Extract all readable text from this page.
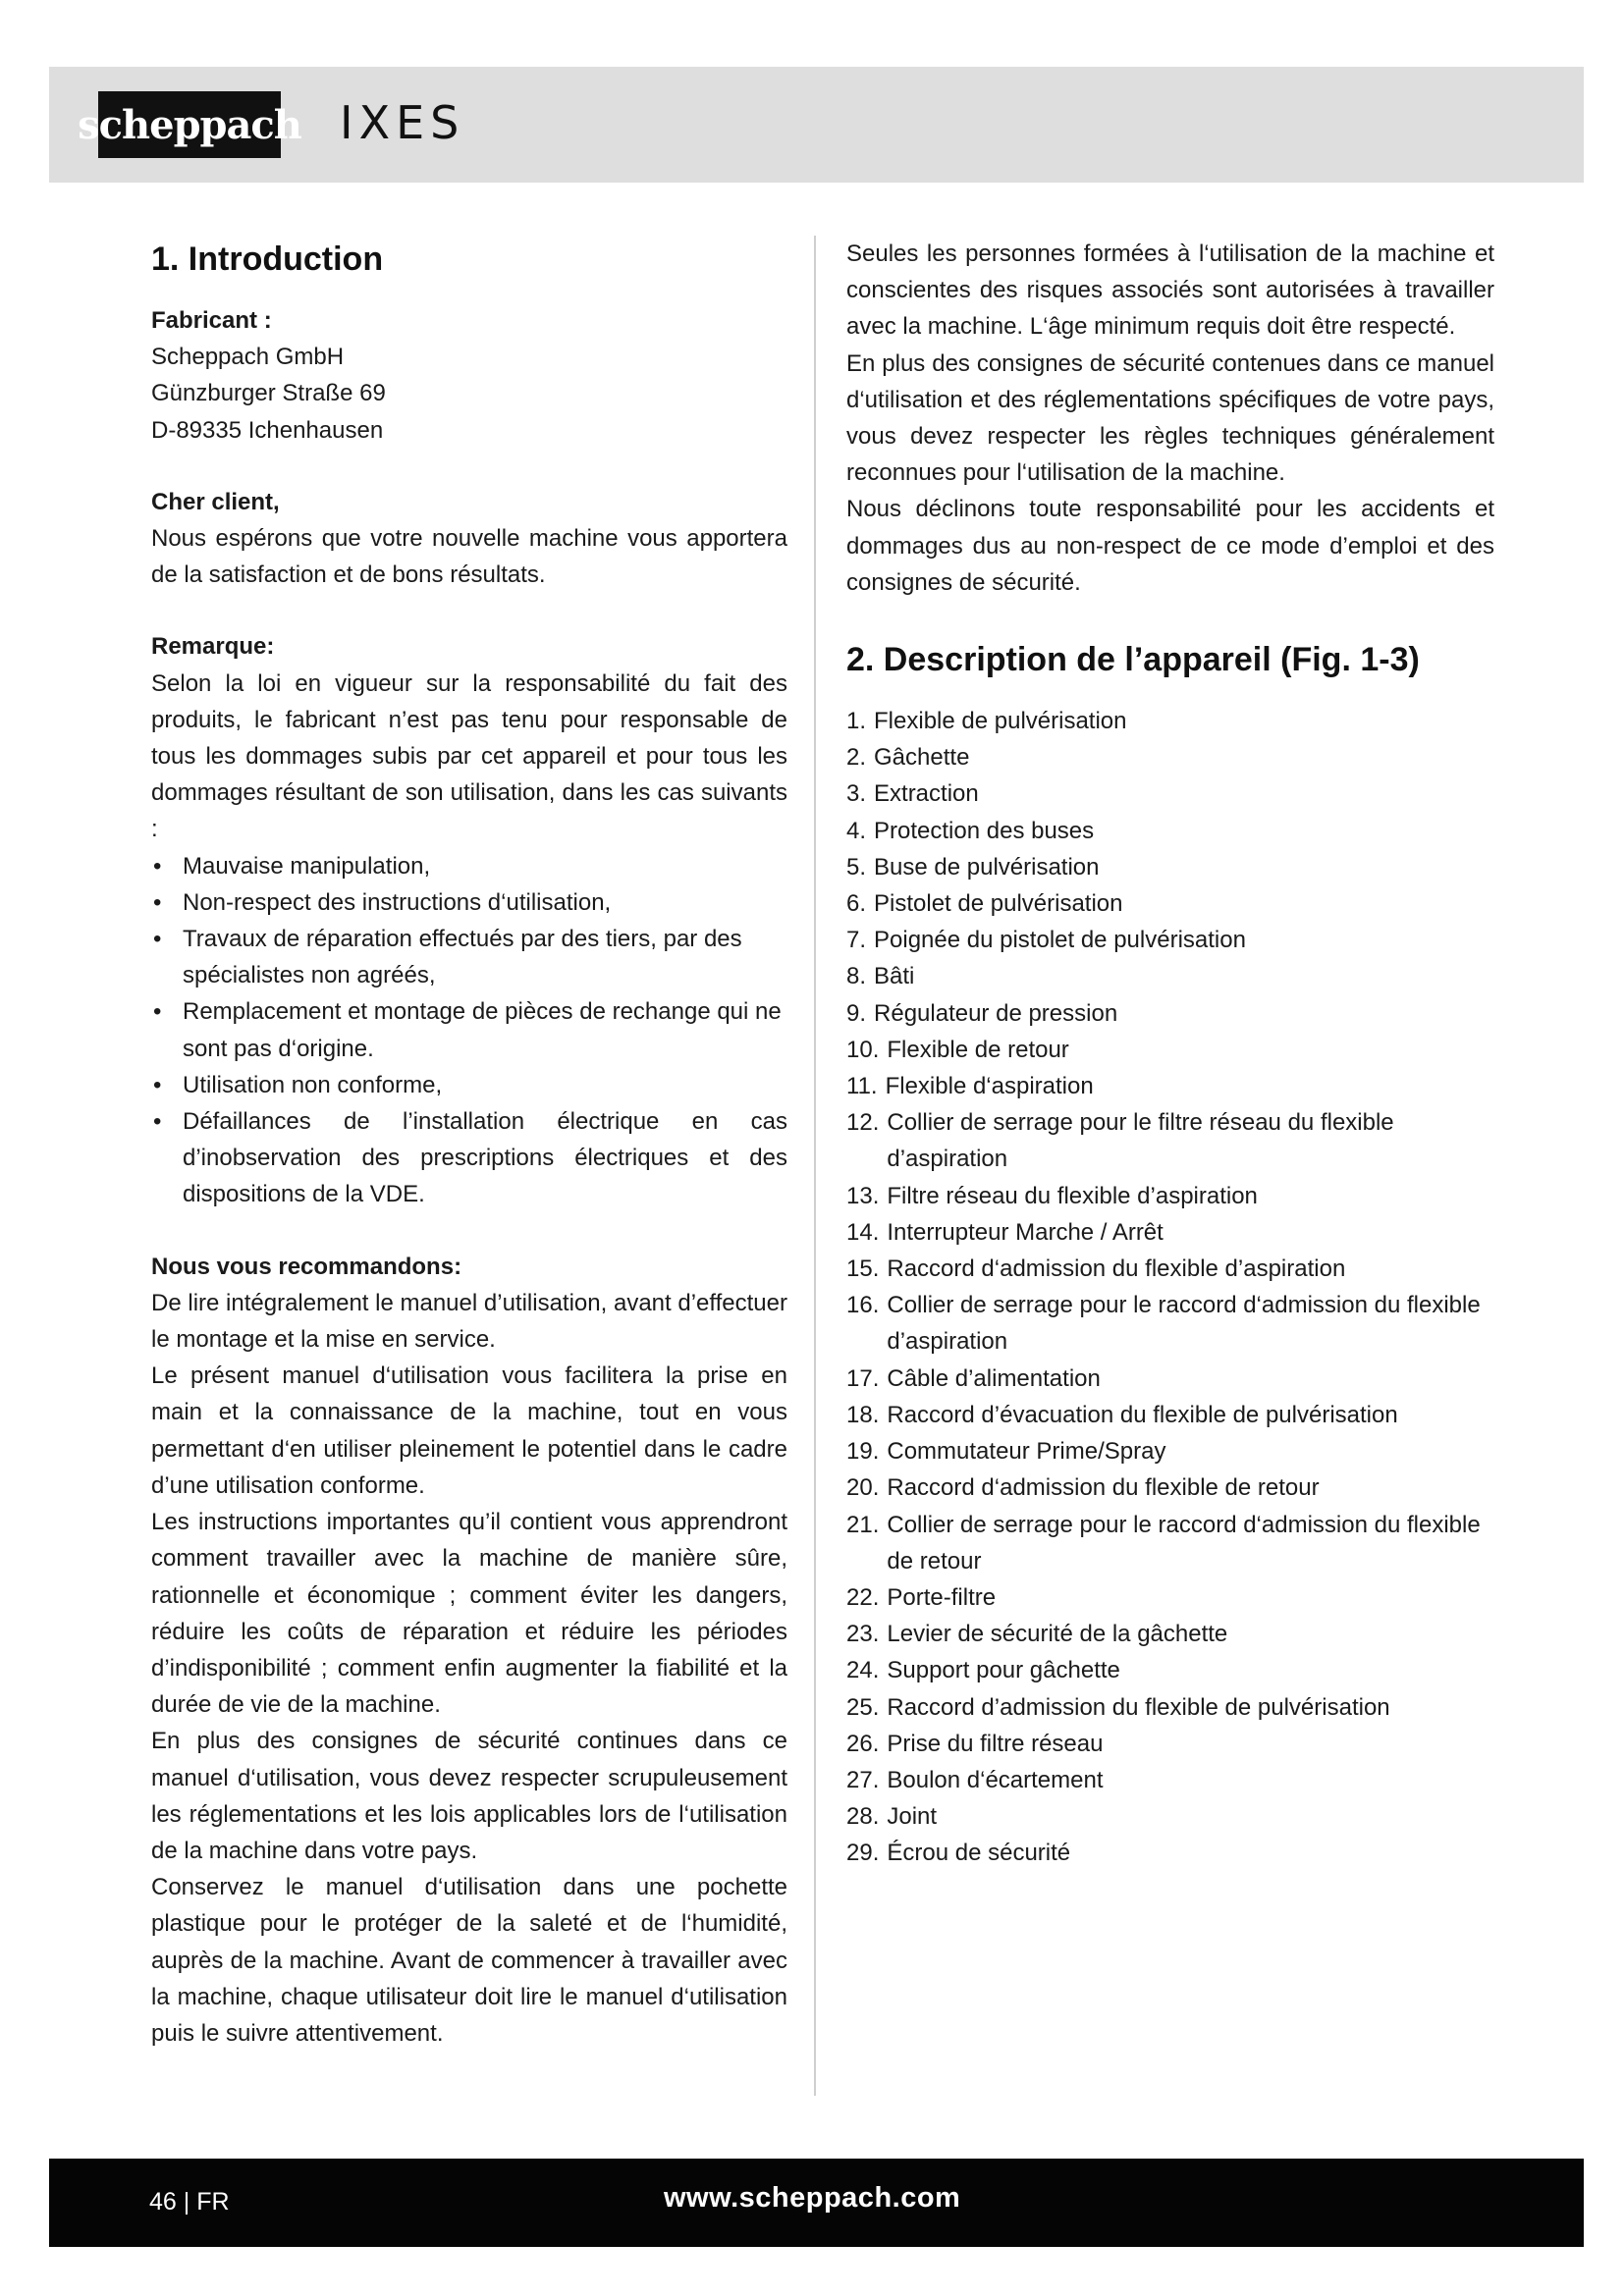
scheppach IXES
1. Introduction

Fabricant :

Scheppach GmbH

Günzburger Straße 69

D-89335 Ichenhausen

Cher client,

Nous espérons que votre nouvelle machine vous apportera de la satisfaction et de bons résultats.

Remarque:

Selon la loi en vigueur sur la responsabilité du fait des produits, le fabricant n’est pas tenu pour responsable de tous les dommages subis par cet appareil et pour tous les dommages résultant de son utilisation, dans les cas suivants :

• Mauvaise manipulation,
• Non-respect des instructions d‘utilisation,
• Travaux de réparation effectués par des tiers, par des spécialistes non agréés,
• Remplacement et montage de pièces de rechange qui ne sont pas d‘origine.
• Utilisation non conforme,
• Défaillances de l’installation électrique en cas d’inobservation des prescriptions électriques et des dispositions de la VDE.

Nous vous recommandons:

De lire intégralement le manuel d’utilisation, avant d’effectuer le montage et la mise en service.

Le présent manuel d‘utilisation vous facilitera la prise en main et la connaissance de la machine, tout en vous permettant d‘en utiliser pleinement le potentiel dans le cadre d’une utilisation conforme.

Les instructions importantes qu’il contient vous apprendront comment travailler avec la machine de manière sûre, rationnelle et économique ; comment éviter les dangers, réduire les coûts de réparation et réduire les périodes d’indisponibilité ; comment enfin augmenter la fiabilité et la durée de vie de la machine.

En plus des consignes de sécurité continues dans ce manuel d‘utilisation, vous devez respecter scrupuleusement les réglementations et les lois applicables lors de l‘utilisation de la machine dans votre pays.

Conservez le manuel d‘utilisation dans une pochette plastique pour le protéger de la saleté et de l‘humidité, auprès de la machine. Avant de commencer à travailler avec la machine, chaque utilisateur doit lire le manuel d‘utilisation puis le suivre attentivement.

Seules les personnes formées à l‘utilisation de la machine et conscientes des risques associés sont autorisées à travailler avec la machine. L‘âge minimum requis doit être respecté.

En plus des consignes de sécurité contenues dans ce manuel d‘utilisation et des réglementations spécifiques de votre pays, vous devez respecter les règles techniques généralement reconnues pour l‘utilisation de la machine.

Nous déclinons toute responsabilité pour les accidents et dommages dus au non-respect de ce mode d’emploi et des consignes de sécurité.

2. Description de l’appareil (Fig. 1-3)
1. Flexible de pulvérisation
2. Gâchette
3. Extraction
4. Protection des buses
5. Buse de pulvérisation
6. Pistolet de pulvérisation
7. Poignée du pistolet de pulvérisation
8. Bâti
9. Régulateur de pression
10. Flexible de retour
11. Flexible d‘aspiration
12. Collier de serrage pour le filtre réseau du flexible d’aspiration
13. Filtre réseau du flexible d’aspiration
14. Interrupteur Marche / Arrêt
15. Raccord d‘admission du flexible d’aspiration
16. Collier de serrage pour le raccord d‘admission du flexible d’aspiration
17. Câble d’alimentation
18. Raccord d’évacuation du flexible de pulvérisation
19. Commutateur Prime/Spray
20. Raccord d‘admission du flexible de retour
21. Collier de serrage pour le raccord d‘admission du flexible de retour
22. Porte-filtre
23. Levier de sécurité de la gâchette
24. Support pour gâchette
25. Raccord d’admission du flexible de pulvérisation
26. Prise du filtre réseau
27. Boulon d‘écartement
28. Joint
29. Écrou de sécurité
46 | FR	www.scheppach.com
